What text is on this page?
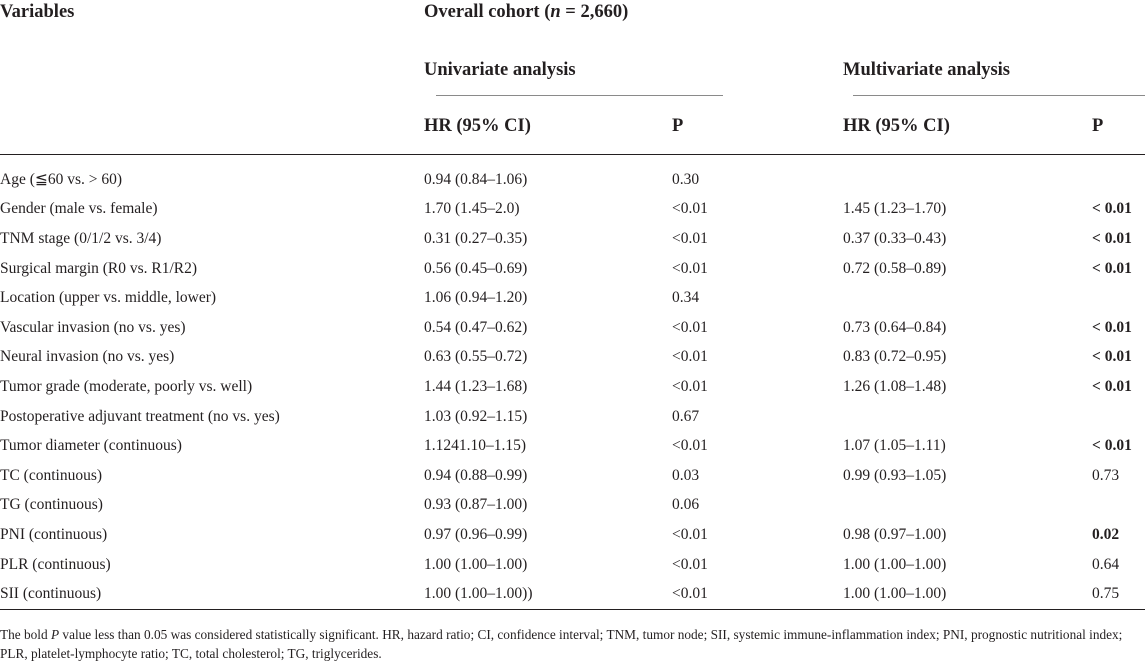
Variables	Overall cohort (n = 2,660)			
	Univariate analysis		Multivariate analysis	
	HR (95% CI)	P	HR (95% CI)	P
Age (≦60 vs. > 60)	0.94 (0.84–1.06)	0.30		
Gender (male vs. female)	1.70 (1.45–2.0)	<0.01	1.45 (1.23–1.70)	< 0.01
TNM stage (0/1/2 vs. 3/4)	0.31 (0.27–0.35)	<0.01	0.37 (0.33–0.43)	< 0.01
Surgical margin (R0 vs. R1/R2)	0.56 (0.45–0.69)	<0.01	0.72 (0.58–0.89)	< 0.01
Location (upper vs. middle, lower)	1.06 (0.94–1.20)	0.34		
Vascular invasion (no vs. yes)	0.54 (0.47–0.62)	<0.01	0.73 (0.64–0.84)	< 0.01
Neural invasion (no vs. yes)	0.63 (0.55–0.72)	<0.01	0.83 (0.72–0.95)	< 0.01
Tumor grade (moderate, poorly vs. well)	1.44 (1.23–1.68)	<0.01	1.26 (1.08–1.48)	< 0.01
Postoperative adjuvant treatment (no vs. yes)	1.03 (0.92–1.15)	0.67		
Tumor diameter (continuous)	1.1241.10–1.15)	<0.01	1.07 (1.05–1.11)	< 0.01
TC (continuous)	0.94 (0.88–0.99)	0.03	0.99 (0.93–1.05)	0.73
TG (continuous)	0.93 (0.87–1.00)	0.06		
PNI (continuous)	0.97 (0.96–0.99)	<0.01	0.98 (0.97–1.00)	0.02
PLR (continuous)	1.00 (1.00–1.00)	<0.01	1.00 (1.00–1.00)	0.64
SII (continuous)	1.00 (1.00–1.00))	<0.01	1.00 (1.00–1.00)	0.75
The bold P value less than 0.05 was considered statistically significant. HR, hazard ratio; CI, confidence interval; TNM, tumor node; SII, systemic immune-inflammation index; PNI, prognostic nutritional index; PLR, platelet-lymphocyte ratio; TC, total cholesterol; TG, triglycerides.
